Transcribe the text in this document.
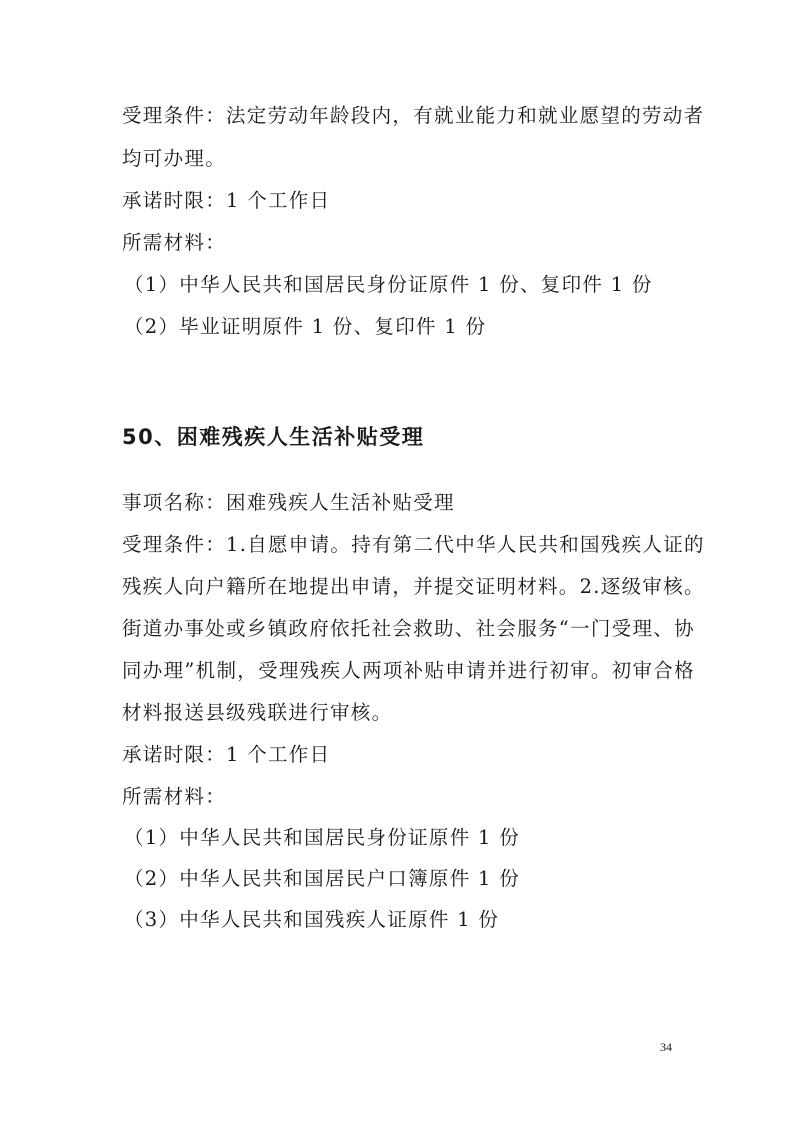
受理条件：法定劳动年龄段内，有就业能力和就业愿望的劳动者
均可办理。
承诺时限：1 个工作日
所需材料：
（1）中华人民共和国居民身份证原件 1 份、复印件 1 份
（2）毕业证明原件 1 份、复印件 1 份
50、困难残疾人生活补贴受理
事项名称：困难残疾人生活补贴受理
受理条件：1.自愿申请。持有第二代中华人民共和国残疾人证的
残疾人向户籍所在地提出申请，并提交证明材料。2.逐级审核。
街道办事处或乡镇政府依托社会救助、社会服务“一门受理、协
同办理”机制，受理残疾人两项补贴申请并进行初审。初审合格
材料报送县级残联进行审核。
承诺时限：1 个工作日
所需材料：
（1）中华人民共和国居民身份证原件 1 份
（2）中华人民共和国居民户口簿原件 1 份
（3）中华人民共和国残疾人证原件 1 份
34
